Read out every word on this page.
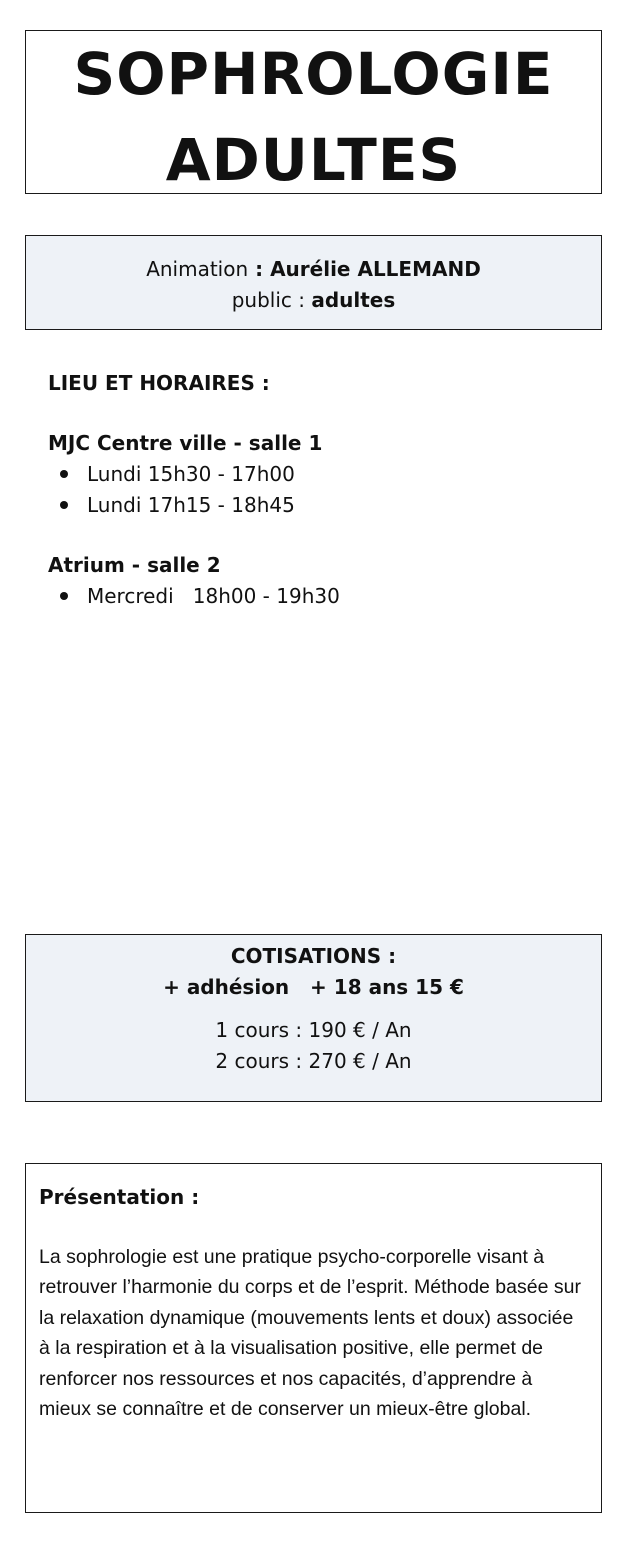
SOPHROLOGIE
ADULTES
Animation : Aurélie ALLEMAND
public : adultes
LIEU ET HORAIRES :
MJC Centre ville - salle 1
Lundi 15h30 - 17h00
Lundi 17h15 - 18h45
Atrium - salle 2
Mercredi   18h00 - 19h30
COTISATIONS :
+ adhésion   + 18 ans 15 €
1 cours : 190 € / An
2 cours : 270 € / An
Présentation :
La sophrologie est une pratique psycho-corporelle visant à retrouver l’harmonie du corps et de l’esprit. Méthode basée sur la relaxation dynamique (mouvements lents et doux) associée à la respiration et à la visualisation positive, elle permet de renforcer nos ressources et nos capacités, d’apprendre à mieux se connaître et de conserver un mieux-être global.
